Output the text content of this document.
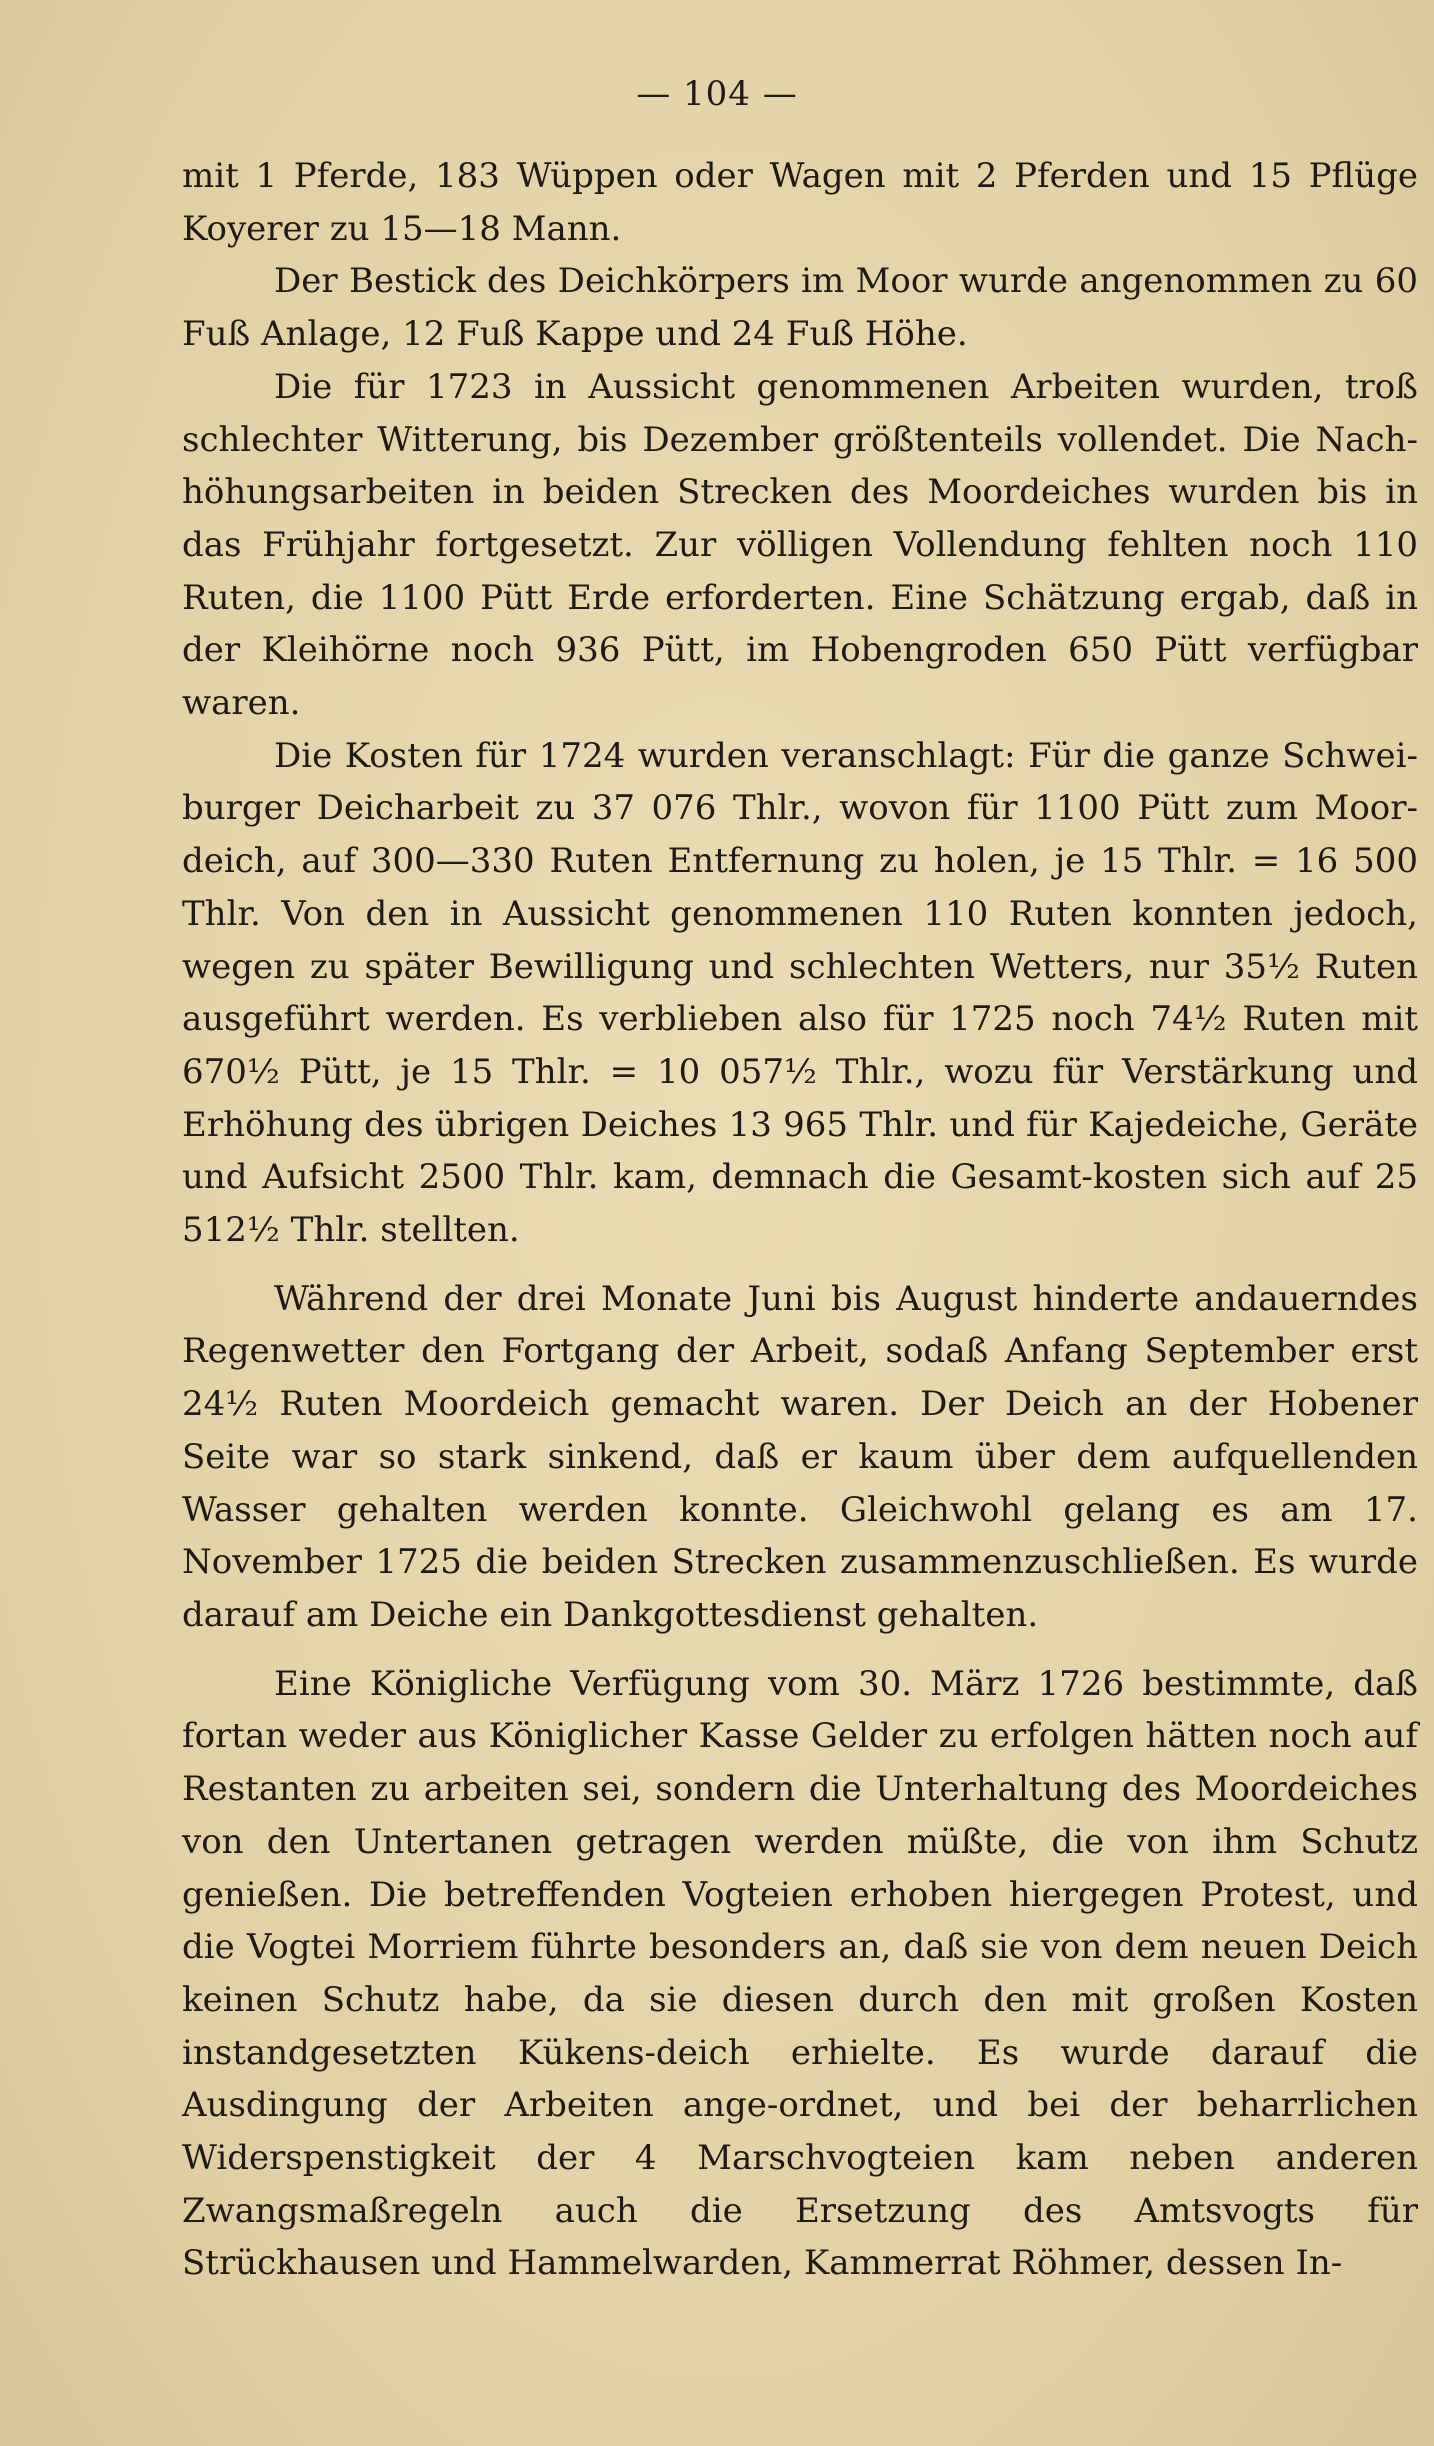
— 104 —

mit 1 Pferde, 183 Wüppen oder Wagen mit 2 Pferden und 15 Pflüge Koyerer zu 15—18 Mann.

Der Bestick des Deichkörpers im Moor wurde angenommen zu 60 Fuß Anlage, 12 Fuß Kappe und 24 Fuß Höhe.

Die für 1723 in Aussicht genommenen Arbeiten wurden, troß schlechter Witterung, bis Dezember größtenteils vollendet. Die Nach-höhungsarbeiten in beiden Strecken des Moordeiches wurden bis in das Frühjahr fortgesetzt. Zur völligen Vollendung fehlten noch 110 Ruten, die 1100 Pütt Erde erforderten. Eine Schätzung ergab, daß in der Kleihörne noch 936 Pütt, im Hobengroden 650 Pütt verfügbar waren.

Die Kosten für 1724 wurden veranschlagt: Für die ganze Schwei-burger Deicharbeit zu 37 076 Thlr., wovon für 1100 Pütt zum Moor-deich, auf 300—330 Ruten Entfernung zu holen, je 15 Thlr. = 16 500 Thlr. Von den in Aussicht genommenen 110 Ruten konnten jedoch, wegen zu später Bewilligung und schlechten Wetters, nur 35½ Ruten ausgeführt werden. Es verblieben also für 1725 noch 74½ Ruten mit 670½ Pütt, je 15 Thlr. = 10 057½ Thlr., wozu für Verstärkung und Erhöhung des übrigen Deiches 13 965 Thlr. und für Kajedeiche, Geräte und Aufsicht 2500 Thlr. kam, demnach die Gesamt-kosten sich auf 25 512½ Thlr. stellten.

Während der drei Monate Juni bis August hinderte andauerndes Regenwetter den Fortgang der Arbeit, sodaß Anfang September erst 24½ Ruten Moordeich gemacht waren. Der Deich an der Hobener Seite war so stark sinkend, daß er kaum über dem aufquellenden Wasser gehalten werden konnte. Gleichwohl gelang es am 17. November 1725 die beiden Strecken zusammenzuschließen. Es wurde darauf am Deiche ein Dankgottesdienst gehalten.

Eine Königliche Verfügung vom 30. März 1726 bestimmte, daß fortan weder aus Königlicher Kasse Gelder zu erfolgen hätten noch auf Restanten zu arbeiten sei, sondern die Unterhaltung des Moordeiches von den Untertanen getragen werden müßte, die von ihm Schutz genießen. Die betreffenden Vogteien erhoben hiergegen Protest, und die Vogtei Morriem führte besonders an, daß sie von dem neuen Deich keinen Schutz habe, da sie diesen durch den mit großen Kosten instandgesetzten Kükens-deich erhielte. Es wurde darauf die Ausdingung der Arbeiten ange-ordnet, und bei der beharrlichen Widerspenstigkeit der 4 Marschvogteien kam neben anderen Zwangsmaßregeln auch die Ersetzung des Amtsvogts für Strückhausen und Hammelwarden, Kammerrat Röhmer, dessen In-
